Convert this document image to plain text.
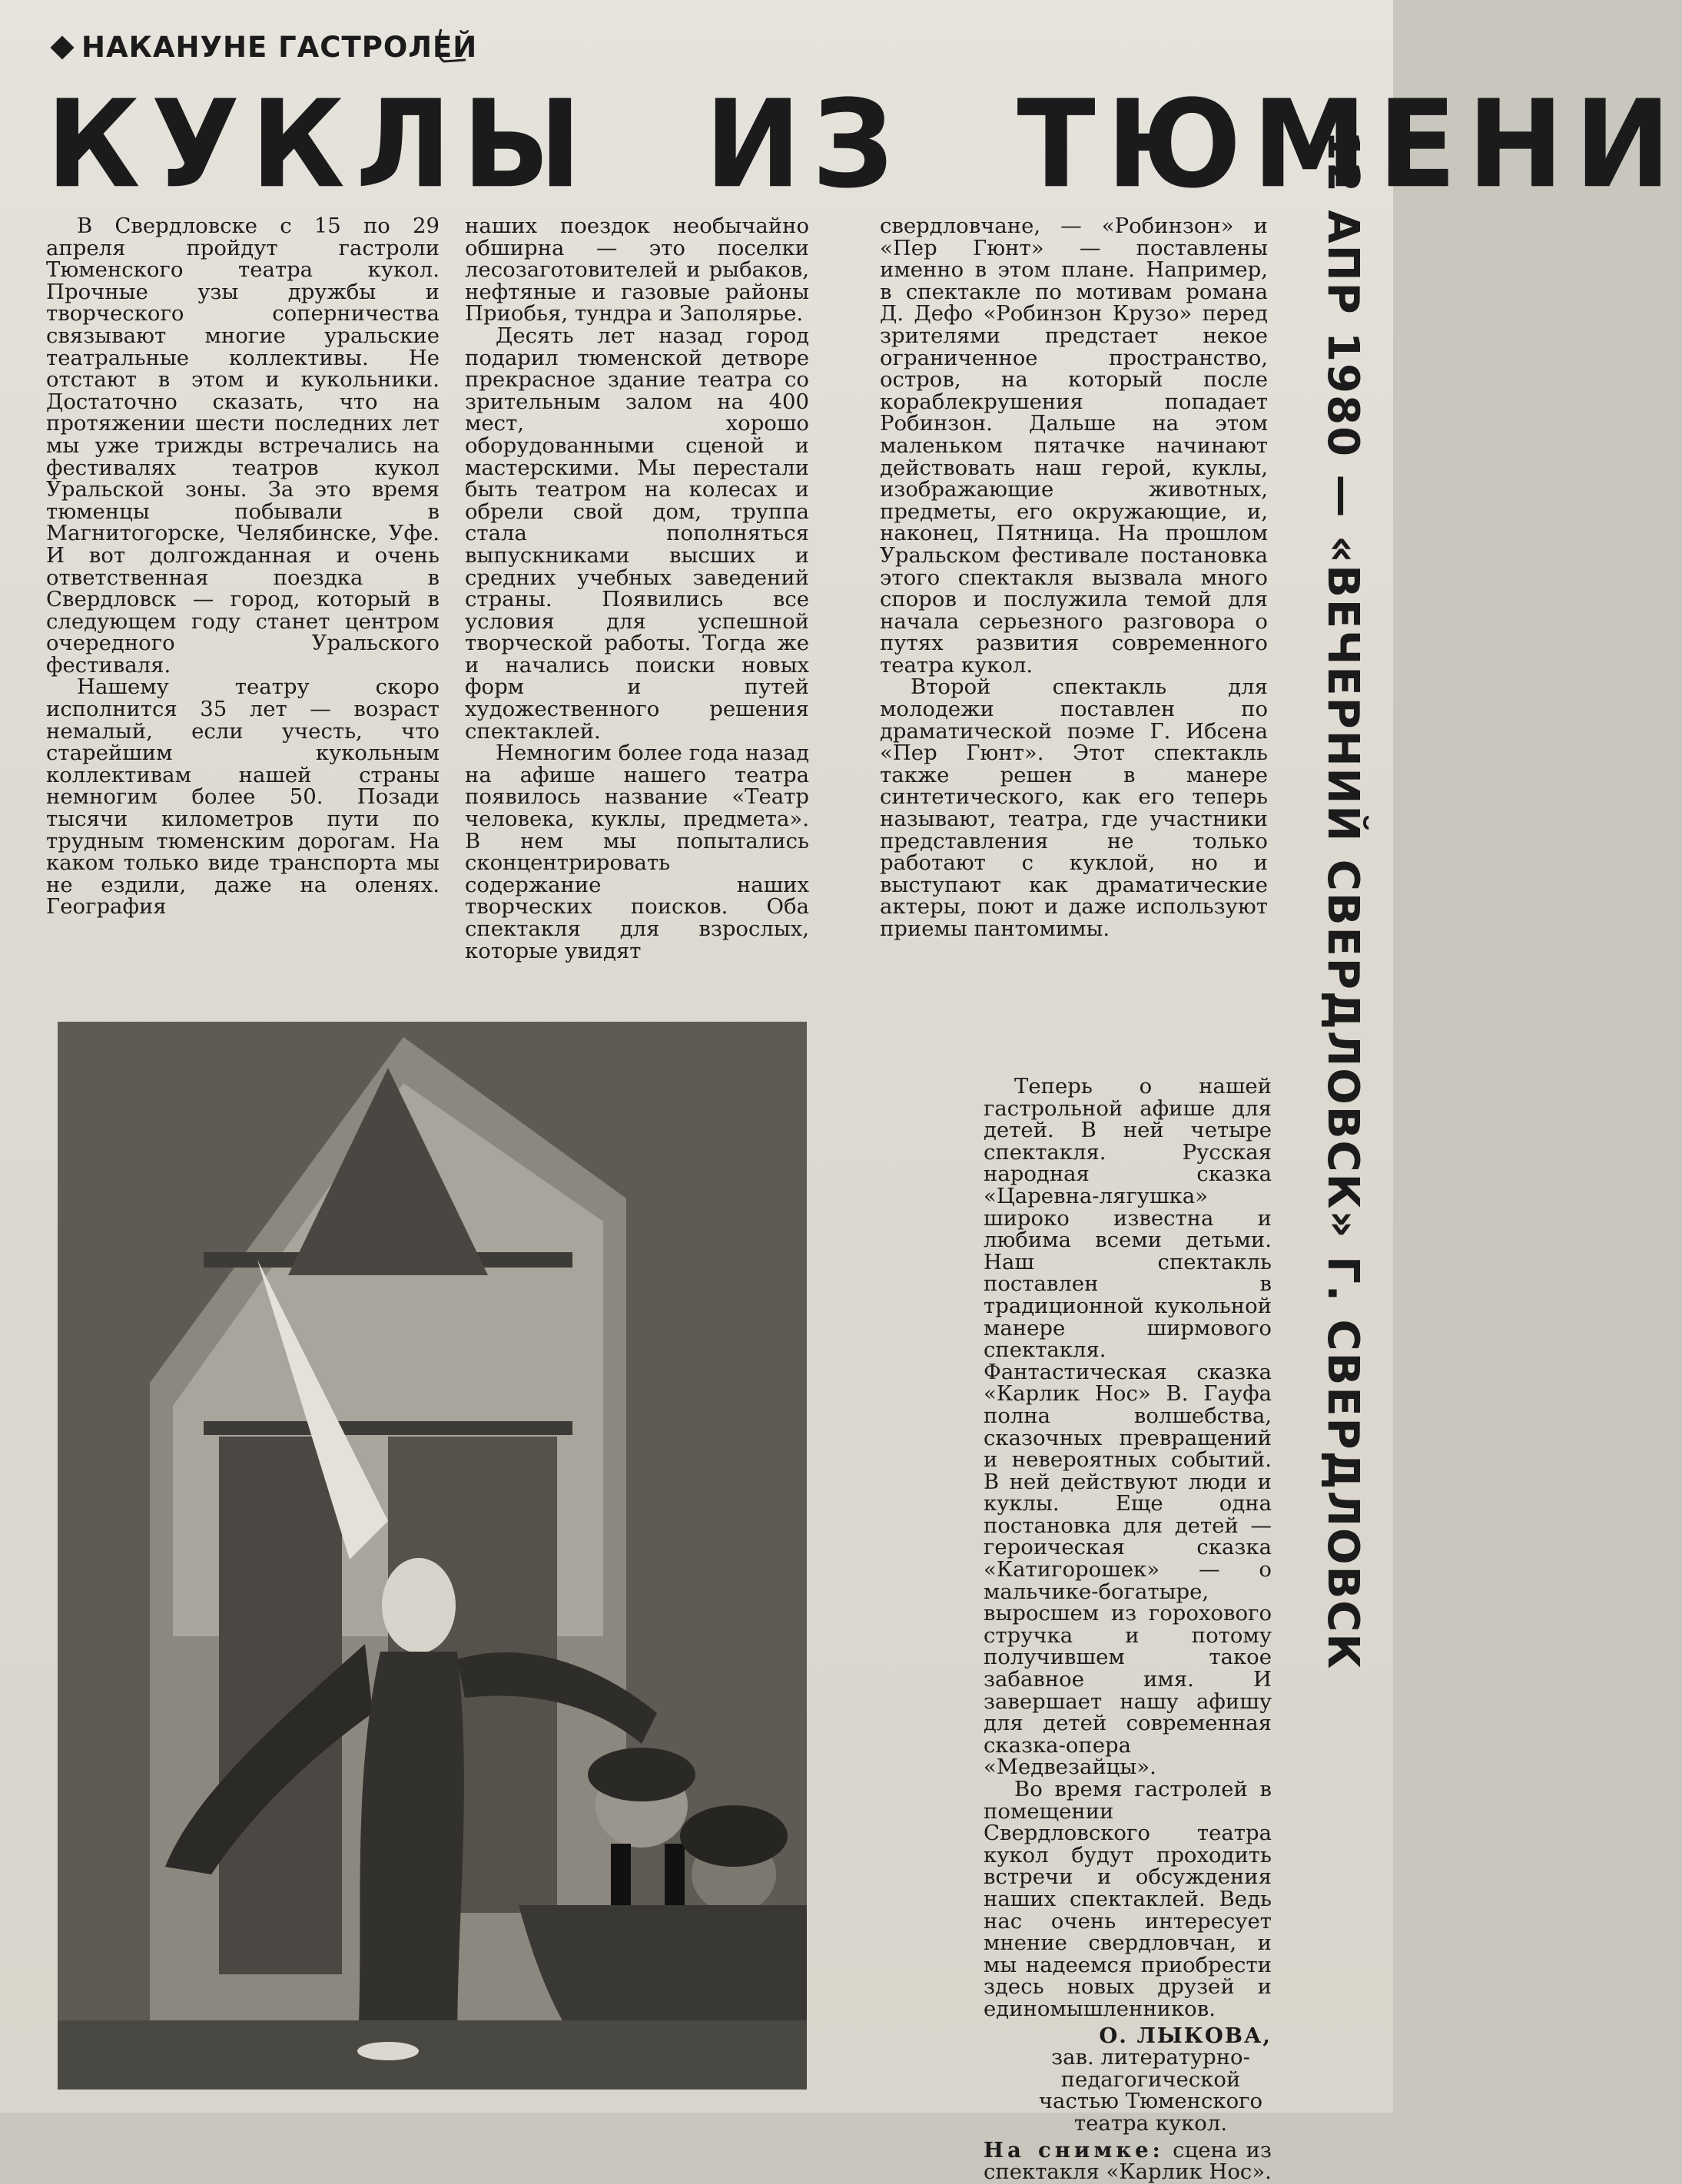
НАКАНУНЕ ГАСТРОЛЕЙ
КУКЛЫ ИЗ ТЮМЕНИ
12 АПР 1980 — «ВЕЧЕРНИЙ СВЕРДЛОВСК» Г. СВЕРДЛОВСК

В Свердловске с 15 по 29 апреля пройдут гастроли Тюменского театра кукол. Прочные узы дружбы и творческого соперничества связывают многие уральские театральные коллективы. Не отстают в этом и кукольники. Достаточно сказать, что на протяжении шести последних лет мы уже трижды встречались на фестивалях театров кукол Уральской зоны. За это время тюменцы побывали в Магнитогорске, Челябинске, Уфе. И вот долгожданная и очень ответственная поездка в Свердловск — город, который в следующем году станет центром очередного Уральского фестиваля.

Нашему театру скоро исполнится 35 лет — возраст немалый, если учесть, что старейшим кукольным коллективам нашей страны немногим более 50. Позади тысячи километров пути по трудным тюменским дорогам. На каком только виде транспорта мы не ездили, даже на оленях. География

наших поездок необычайно обширна — это поселки лесозаготовителей и рыбаков, нефтяные и газовые районы Приобья, тундра и Заполярье.

Десять лет назад город подарил тюменской детворе прекрасное здание театра со зрительным залом на 400 мест, хорошо оборудованными сценой и мастерскими. Мы перестали быть театром на колесах и обрели свой дом, труппа стала пополняться выпускниками высших и средних учебных заведений страны. Появились все условия для успешной творческой работы. Тогда же и начались поиски новых форм и путей художественного решения спектаклей.

Немногим более года назад на афише нашего театра появилось название «Театр человека, куклы, предмета». В нем мы попытались сконцентрировать содержание наших творческих поисков. Оба спектакля для взрослых, которые увидят

свердловчане, — «Робинзон» и «Пер Гюнт» — поставлены именно в этом плане. Например, в спектакле по мотивам романа Д. Дефо «Робинзон Крузо» перед зрителями предстает некое ограниченное пространство, остров, на который после кораблекрушения попадает Робинзон. Дальше на этом маленьком пятачке начинают действовать наш герой, куклы, изображающие животных, предметы, его окружающие, и, наконец, Пятница. На прошлом Уральском фестивале постановка этого спектакля вызвала много споров и послужила темой для начала серьезного разговора о путях развития современного театра кукол.

Второй спектакль для молодежи поставлен по драматической поэме Г. Ибсена «Пер Гюнт». Этот спектакль также решен в манере синтетического, как его теперь называют, театра, где участники представления не только работают с куклой, но и выступают как драматические актеры, поют и даже используют приемы пантомимы.

Теперь о нашей гастрольной афише для детей. В ней четыре спектакля. Русская народная сказка «Царевна-лягушка» широко известна и любима всеми детьми. Наш спектакль поставлен в традиционной кукольной манере ширмового спектакля. Фантастическая сказка «Карлик Нос» В. Гауфа полна волшебства, сказочных превращений и невероятных событий. В ней действуют люди и куклы. Еще одна постановка для детей — героическая сказка «Катигорошек» — о мальчике-богатыре, выросшем из горохового стручка и потому получившем такое забавное имя. И завершает нашу афишу для детей современная сказка-опера «Медвезайцы».

Во время гастролей в помещении Свердловского театра кукол будут проходить встречи и обсуждения наших спектаклей. Ведь нас очень интересует мнение свердловчан, и мы надеемся приобрести здесь новых друзей и единомышленников.

О. ЛЫКОВА,

зав. литературно-педагогической частью Тюменского театра кукол.

На снимке: сцена из спектакля «Карлик Нос».
